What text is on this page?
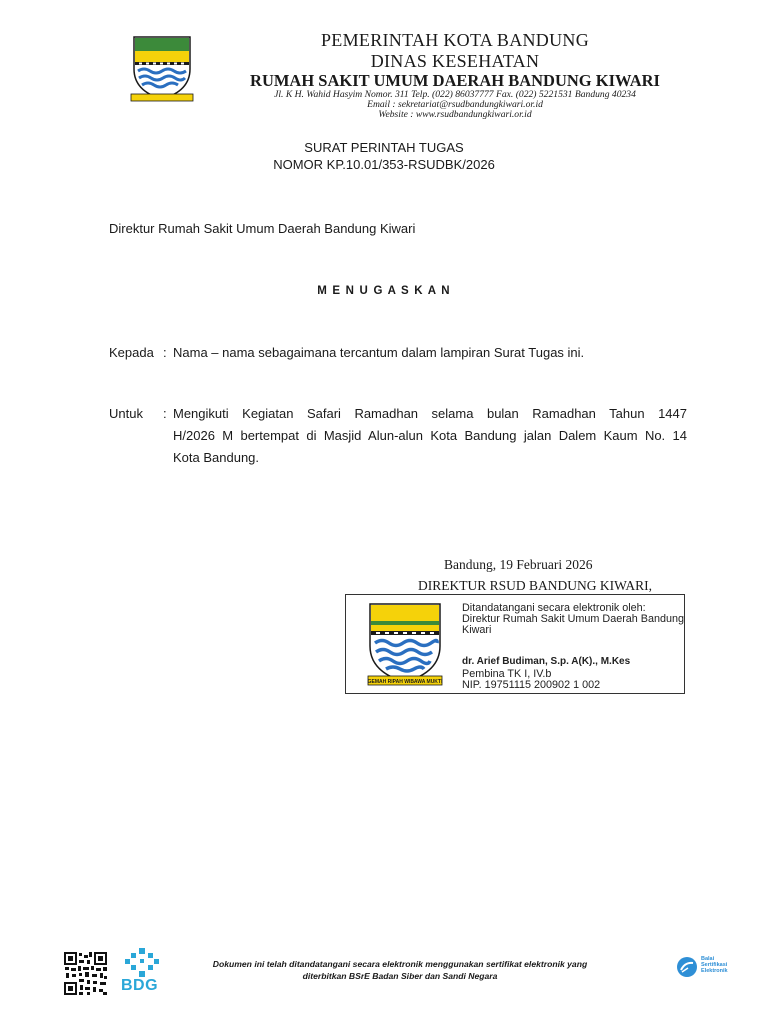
PEMERINTAH KOTA BANDUNG
DINAS KESEHATAN
RUMAH SAKIT UMUM DAERAH BANDUNG KIWARI
Jl. K H. Wahid Hasyim Nomor. 311 Telp. (022) 86037777 Fax. (022) 5221531 Bandung 40234
Email : sekretariat@rsudbandungkiwari.or.id
Website : www.rsudbandungkiwari.or.id
SURAT PERINTAH TUGAS
NOMOR KP.10.01/353-RSUDBK/2026
Direktur Rumah Sakit Umum Daerah Bandung Kiwari
M E N U G A S K A N
Kepada : Nama – nama sebagaimana tercantum dalam lampiran Surat Tugas ini.
Untuk : Mengikuti Kegiatan Safari Ramadhan selama bulan Ramadhan Tahun 1447
H/2026 M bertempat di Masjid Alun-alun Kota Bandung jalan Dalem Kaum No. 14
Kota Bandung.
Bandung, 19 Februari 2026
DIREKTUR RSUD BANDUNG KIWARI,
GEMAH RIPAH WIBAWA MUKTI
Ditandatangani secara elektronik oleh:
Direktur Rumah Sakit Umum Daerah Bandung
Kiwari
dr. Arief Budiman, S.p. A(K)., M.Kes
Pembina TK I, IV.b
NIP. 19751115 200902 1 002
BDG
Dokumen ini telah ditandatangani secara elektronik menggunakan sertifikat elektronik yang
diterbitkan BSrE Badan Siber dan Sandi Negara
Balai
Sertifikasi
Elektronik
